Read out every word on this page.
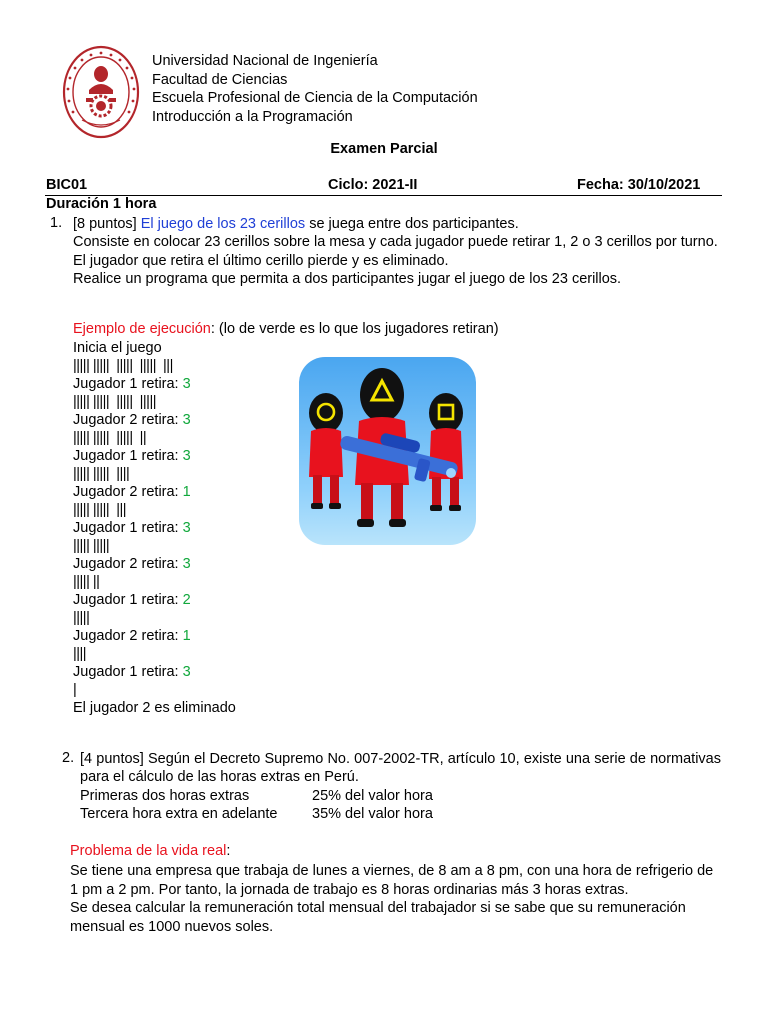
Universidad Nacional de Ingeniería
Facultad de Ciencias
Escuela Profesional de Ciencia de la Computación
Introducción a la Programación
Examen Parcial
BIC01	Ciclo: 2021-II	Fecha: 30/10/2021
Duración 1 hora
1. [8 puntos] El juego de los 23 cerillos se juega entre dos participantes.
Consiste en colocar 23 cerillos sobre la mesa y cada jugador puede retirar 1, 2 o 3 cerillos por turno.
El jugador que retira el último cerillo pierde y es eliminado.
Realice un programa que permita a dos participantes jugar el juego de los 23 cerillos.
Ejemplo de ejecución: (lo de verde es lo que los jugadores retiran)
Inicia el juego
||||| |||||  |||||  |||||  |||
Jugador 1 retira: 3
||||| |||||  |||||  |||||
Jugador 2 retira: 3
||||| |||||  |||||  ||
Jugador 1 retira: 3
||||| |||||  ||||
Jugador 2 retira: 1
||||| |||||  |||
Jugador 1 retira: 3
||||| |||||
Jugador 2 retira: 3
||||| ||
Jugador 1 retira: 2
|||||
Jugador 2 retira: 1
||||
Jugador 1 retira: 3
|
El jugador 2 es eliminado
2. [4 puntos] Según el Decreto Supremo No. 007-2002-TR, artículo 10, existe una serie de normativas para el cálculo de las horas extras en Perú.
Primeras dos horas extras	25% del valor hora
Tercera hora extra en adelante 35% del valor hora
Problema de la vida real:
Se tiene una empresa que trabaja de lunes a viernes, de 8 am a 8 pm, con una hora de refrigerio de 1 pm a 2 pm. Por tanto, la jornada de trabajo es 8 horas ordinarias más 3 horas extras.
Se desea calcular la remuneración total mensual del trabajador si se sabe que su remuneración mensual es 1000 nuevos soles.
